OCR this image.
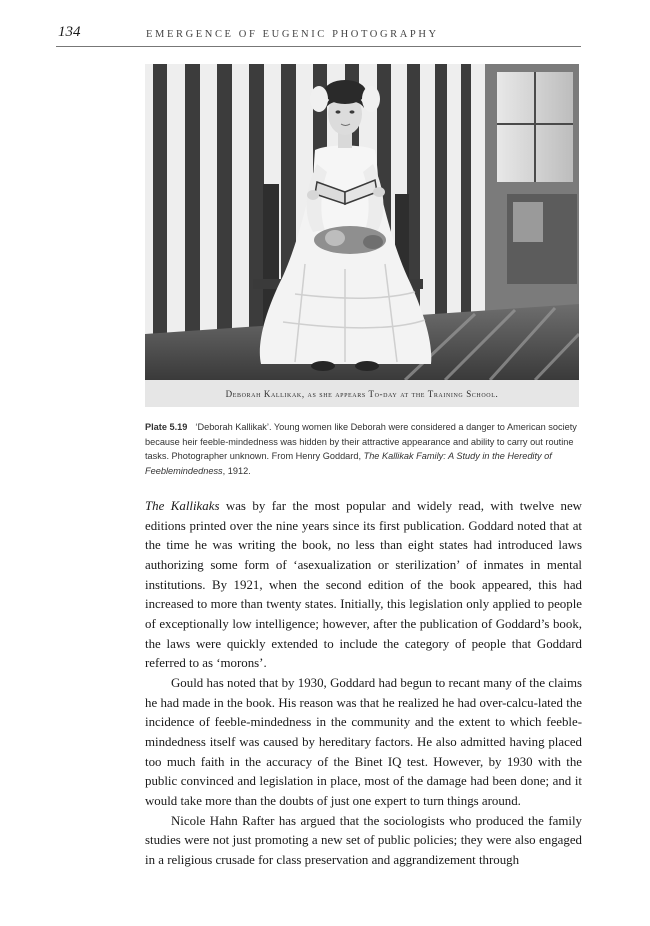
134	EMERGENCE OF EUGENIC PHOTOGRAPHY
Deborah Kallikak, as she appears To-day at the Training School.
Plate 5.19 ‘Deborah Kallikak’. Young women like Deborah were considered a danger to American society because heir feeble-mindedness was hidden by their attractive appearance and ability to carry out routine tasks. Photographer unknown. From Henry Goddard, The Kallikak Family: A Study in the Heredity of Feeblemindedness, 1912.

The Kallikaks was by far the most popular and widely read, with twelve new editions printed over the nine years since its first publication. Goddard noted that at the time he was writing the book, no less than eight states had introduced laws authorizing some form of ‘asexualization or sterilization’ of inmates in mental institutions. By 1921, when the second edition of the book appeared, this had increased to more than twenty states. Initially, this legislation only applied to people of exceptionally low intelligence; however, after the publication of Goddard’s book, the laws were quickly extended to include the category of people that Goddard referred to as ‘morons’.

Gould has noted that by 1930, Goddard had begun to recant many of the claims he had made in the book. His reason was that he realized he had over-calcu-lated the incidence of feeble-mindedness in the community and the extent to which feeble-mindedness itself was caused by hereditary factors. He also admitted having placed too much faith in the accuracy of the Binet IQ test. However, by 1930 with the public convinced and legislation in place, most of the damage had been done; and it would take more than the doubts of just one expert to turn things around.

Nicole Hahn Rafter has argued that the sociologists who produced the family studies were not just promoting a new set of public policies; they were also engaged in a religious crusade for class preservation and aggrandizement through
